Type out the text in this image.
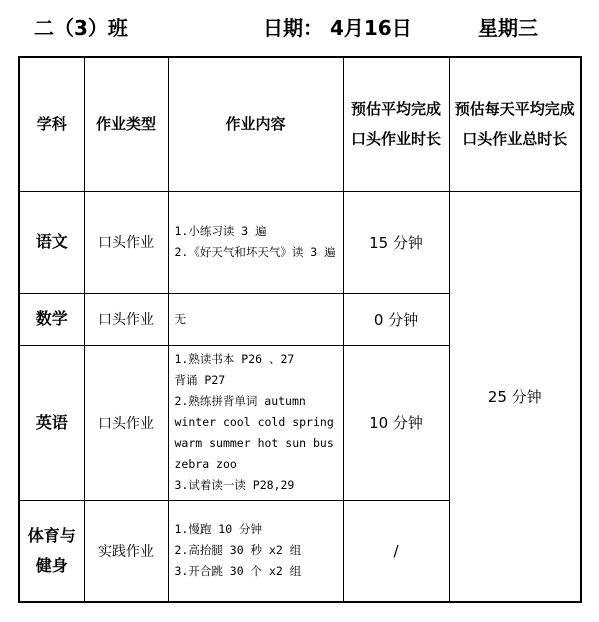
二（3）班	日期： 4月16日	星期三
学科	作业类型	作业内容	预估平均完成口头作业时长	预估每天平均完成口头作业总时长
语文	口头作业	1.小练习读 3 遍
2.《好天气和坏天气》读 3 遍	15 分钟	25 分钟
数学	口头作业	无	0 分钟	
英语	口头作业	1.熟读书本 P26 、27
背诵 P27
2.熟练拼背单词 autumn winter cool cold spring warm summer hot sun bus zebra zoo
3.试着读一读 P28,29	10 分钟	
体育与健身	实践作业	1.慢跑 10 分钟
2.高抬腿 30 秒 x2 组
3.开合跳 30 个 x2 组	/	
